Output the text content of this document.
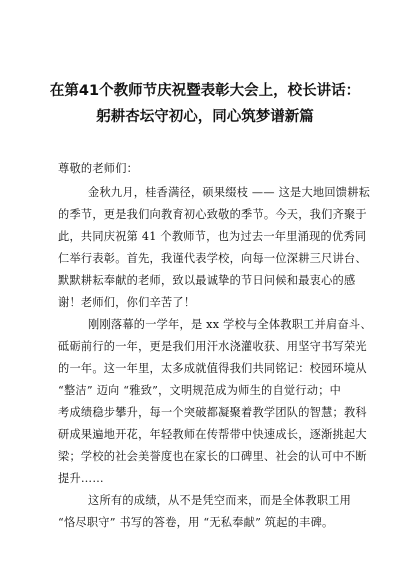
在第41个教师节庆祝暨表彰大会上，校长讲话：
躬耕杏坛守初心，同心筑梦谱新篇
尊敬的老师们：
金秋九月，桂香满径，硕果缀枝 —— 这是大地回馈耕耘
的季节，更是我们向教育初心致敬的季节。今天，我们齐聚于
此，共同庆祝第 41 个教师节，也为过去一年里涌现的优秀同
仁举行表彰。首先，我谨代表学校，向每一位深耕三尺讲台、
默默耕耘奉献的老师，致以最诚挚的节日问候和最衷心的感
谢！老师们，你们辛苦了！
刚刚落幕的一学年，是 xx 学校与全体教职工并肩奋斗、
砥砺前行的一年，更是我们用汗水浇灌收获、用坚守书写荣光
的一年。这一年里，太多成就值得我们共同铭记：校园环境从
“整洁” 迈向 “雅致”，文明规范成为师生的自觉行动；中
考成绩稳步攀升，每一个突破都凝聚着教学团队的智慧；教科
研成果遍地开花，年轻教师在传帮带中快速成长，逐渐挑起大
梁；学校的社会美誉度也在家长的口碑里、社会的认可中不断
提升……
这所有的成绩，从不是凭空而来，而是全体教职工用
“恪尽职守” 书写的答卷，用 “无私奉献” 筑起的丰碑。
